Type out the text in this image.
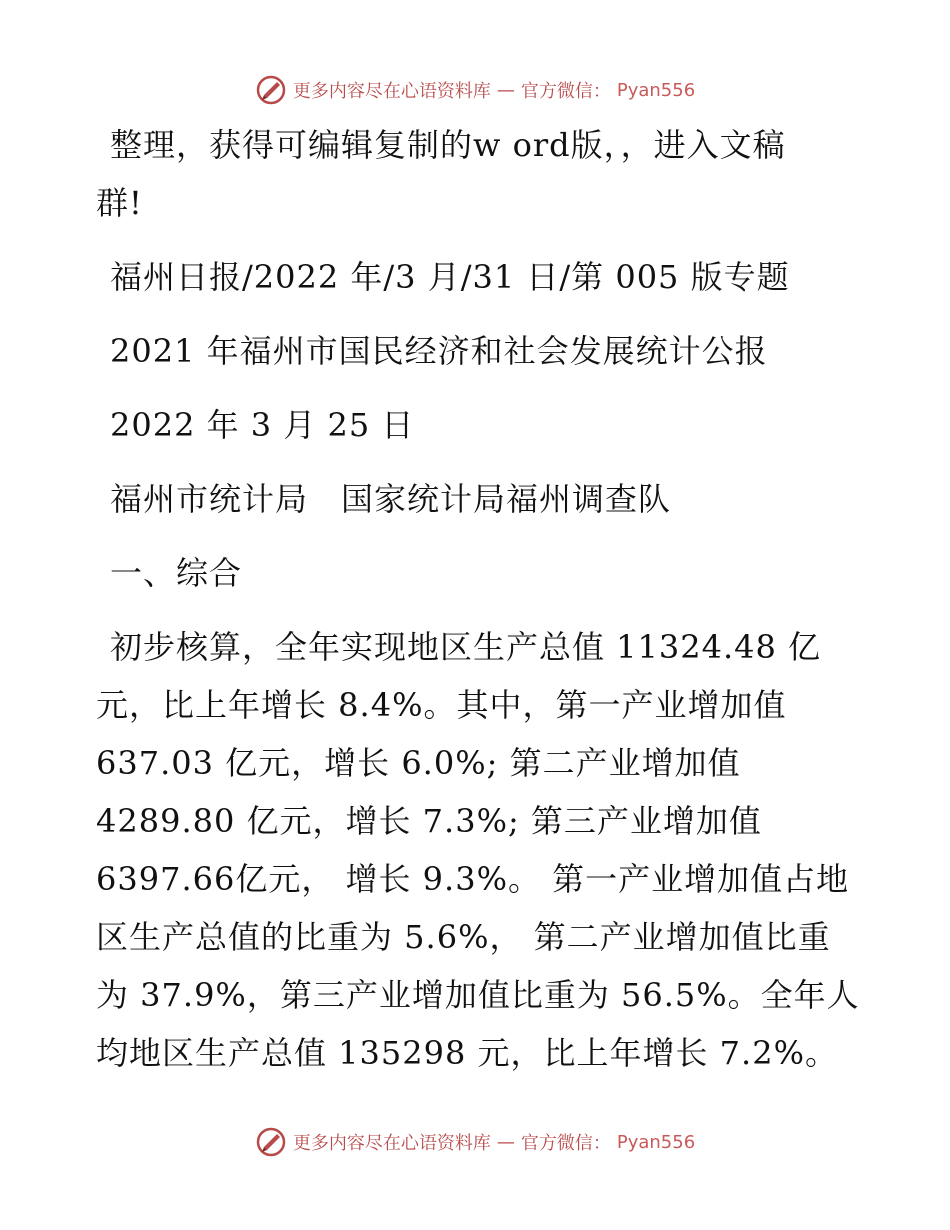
更多内容尽在心语资料库 — 官方微信： Pyan556
整理，获得可编辑复制的w ord版，，进入文稿
群!
福州日报/2022 年/3 月/31 日/第 005 版专题
2021 年福州市国民经济和社会发展统计公报
2022 年 3 月 25 日
福州市统计局　国家统计局福州调查队
一、综合
初步核算，全年实现地区生产总值 11324.48 亿
元，比上年增长 8.4%。其中，第一产业增加值
637.03 亿元，增长 6.0%; 第二产业增加值
4289.80 亿元，增长 7.3%; 第三产业增加值
6397.66亿元， 增长 9.3%。 第一产业增加值占地
区生产总值的比重为 5.6%， 第二产业增加值比重
为 37.9%，第三产业增加值比重为 56.5%。全年人
均地区生产总值 135298 元，比上年增长 7.2%。
更多内容尽在心语资料库 — 官方微信： Pyan556
